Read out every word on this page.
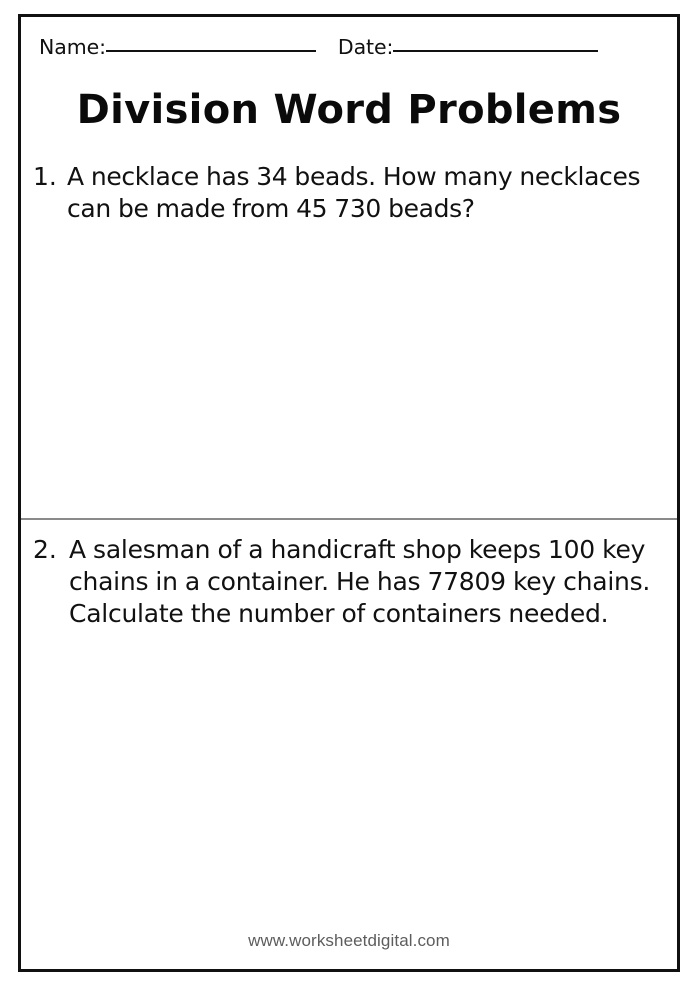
Name:	Date:
Division Word Problems
1. A necklace has 34 beads. How many necklaces can be made from 45 730 beads?
2. A salesman of a handicraft shop keeps 100 key chains in a container. He has 77809 key chains. Calculate the number of containers needed.
www.worksheetdigital.com
